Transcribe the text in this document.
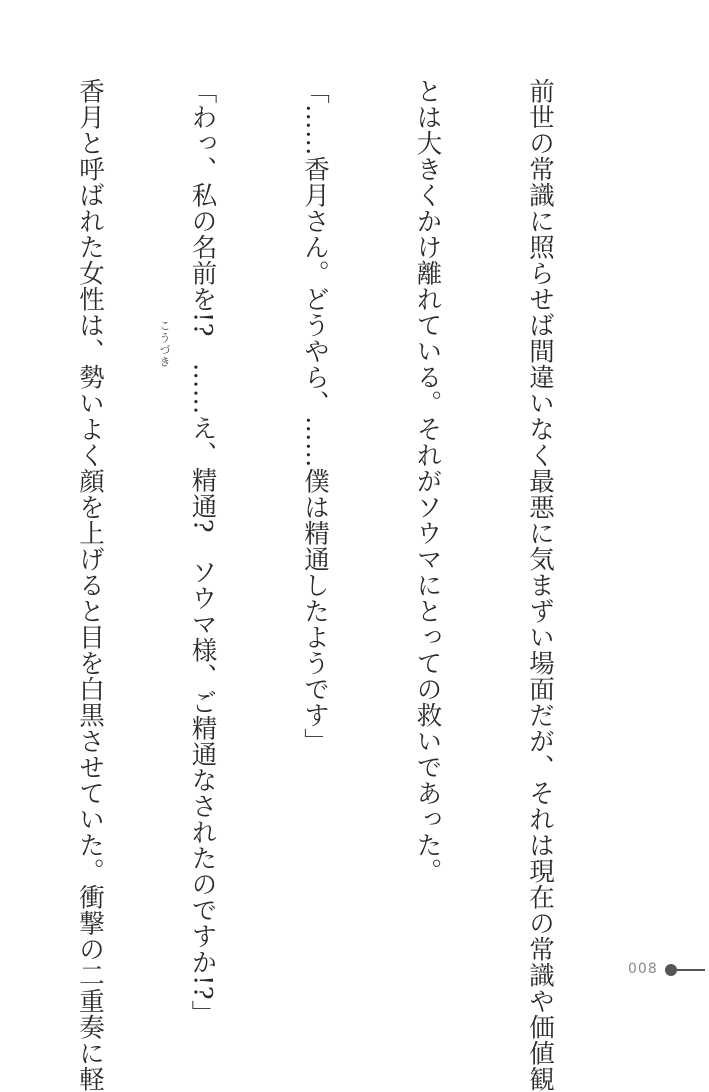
前世の常識に照らせば間違いなく最悪に気まずい場面だが、それは現在の常識や価値観

とは大きくかけ離れている。それがソウマにとっての救いであった。

「……香月さん。どうやら、……僕は精通したようです」

「わっ、私の名前を!?　……え、精通?　ソウマ様、ご精通なされたのですか!?」

香月と呼ばれた女性は、勢いよく顔を上げると目を白黒させていた。衝撃の二重奏に軽

	こうづき
008
